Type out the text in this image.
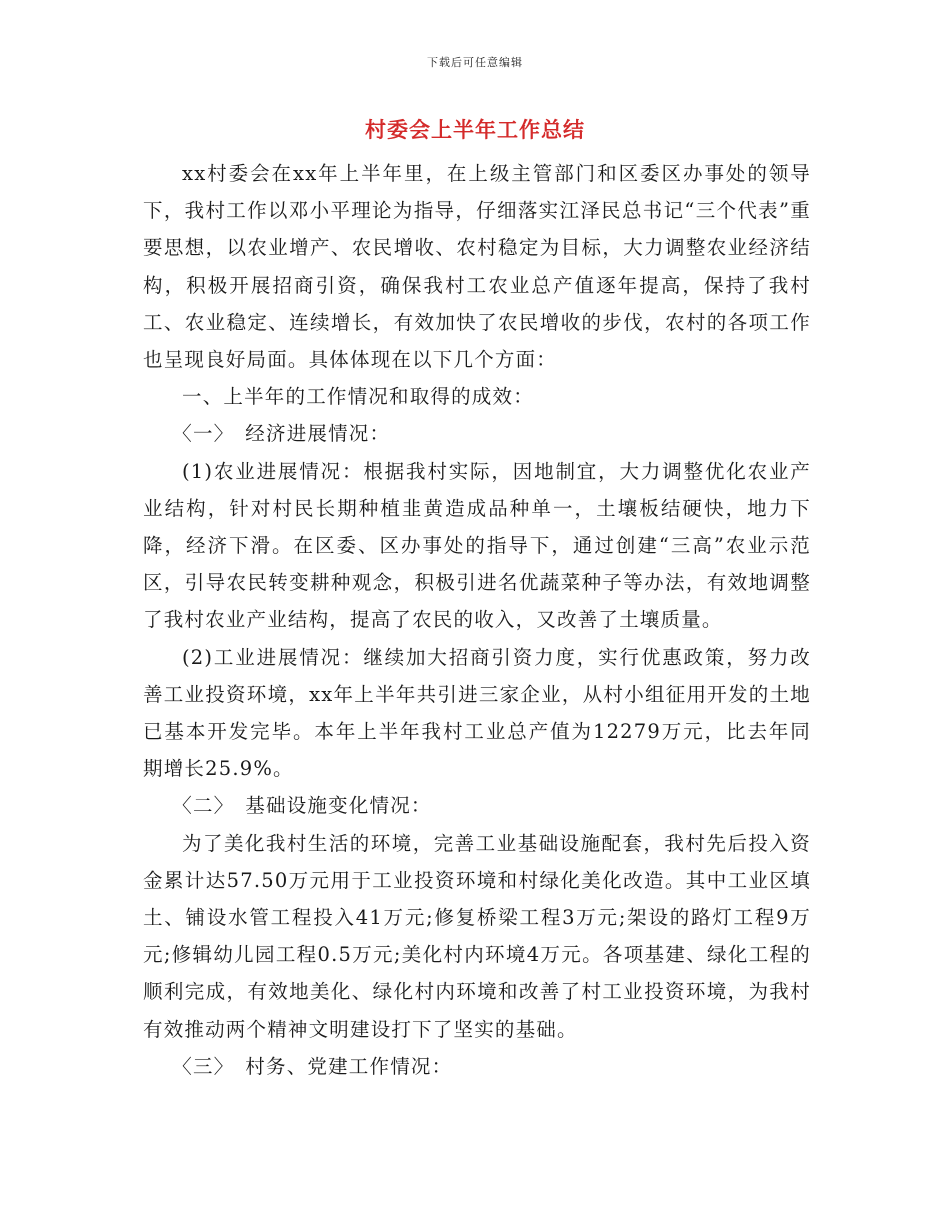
下载后可任意编辑
村委会上半年工作总结

xx村委会在xx年上半年里，在上级主管部门和区委区办事处的领导下，我村工作以邓小平理论为指导，仔细落实江泽民总书记“三个代表”重要思想，以农业增产、农民增收、农村稳定为目标，大力调整农业经济结构，积极开展招商引资，确保我村工农业总产值逐年提高，保持了我村工、农业稳定、连续增长，有效加快了农民增收的步伐，农村的各项工作也呈现良好局面。具体体现在以下几个方面：

一、上半年的工作情况和取得的成效：

〈一〉　经济进展情况：

(1)农业进展情况：根据我村实际，因地制宜，大力调整优化农业产业结构，针对村民长期种植韭黄造成品种单一，土壤板结硬快，地力下降，经济下滑。在区委、区办事处的指导下，通过创建“三高”农业示范区，引导农民转变耕种观念，积极引进名优蔬菜种子等办法，有效地调整了我村农业产业结构，提高了农民的收入，又改善了土壤质量。

(2)工业进展情况：继续加大招商引资力度，实行优惠政策，努力改善工业投资环境，xx年上半年共引进三家企业，从村小组征用开发的土地已基本开发完毕。本年上半年我村工业总产值为12279万元，比去年同期增长25.9%。

〈二〉　基础设施变化情况：

为了美化我村生活的环境，完善工业基础设施配套，我村先后投入资金累计达57.50万元用于工业投资环境和村绿化美化改造。其中工业区填土、铺设水管工程投入41万元;修复桥梁工程3万元;架设的路灯工程9万元;修辑幼儿园工程0.5万元;美化村内环境4万元。各项基建、绿化工程的顺利完成，有效地美化、绿化村内环境和改善了村工业投资环境，为我村有效推动两个精神文明建设打下了坚实的基础。

〈三〉　村务、党建工作情况：
